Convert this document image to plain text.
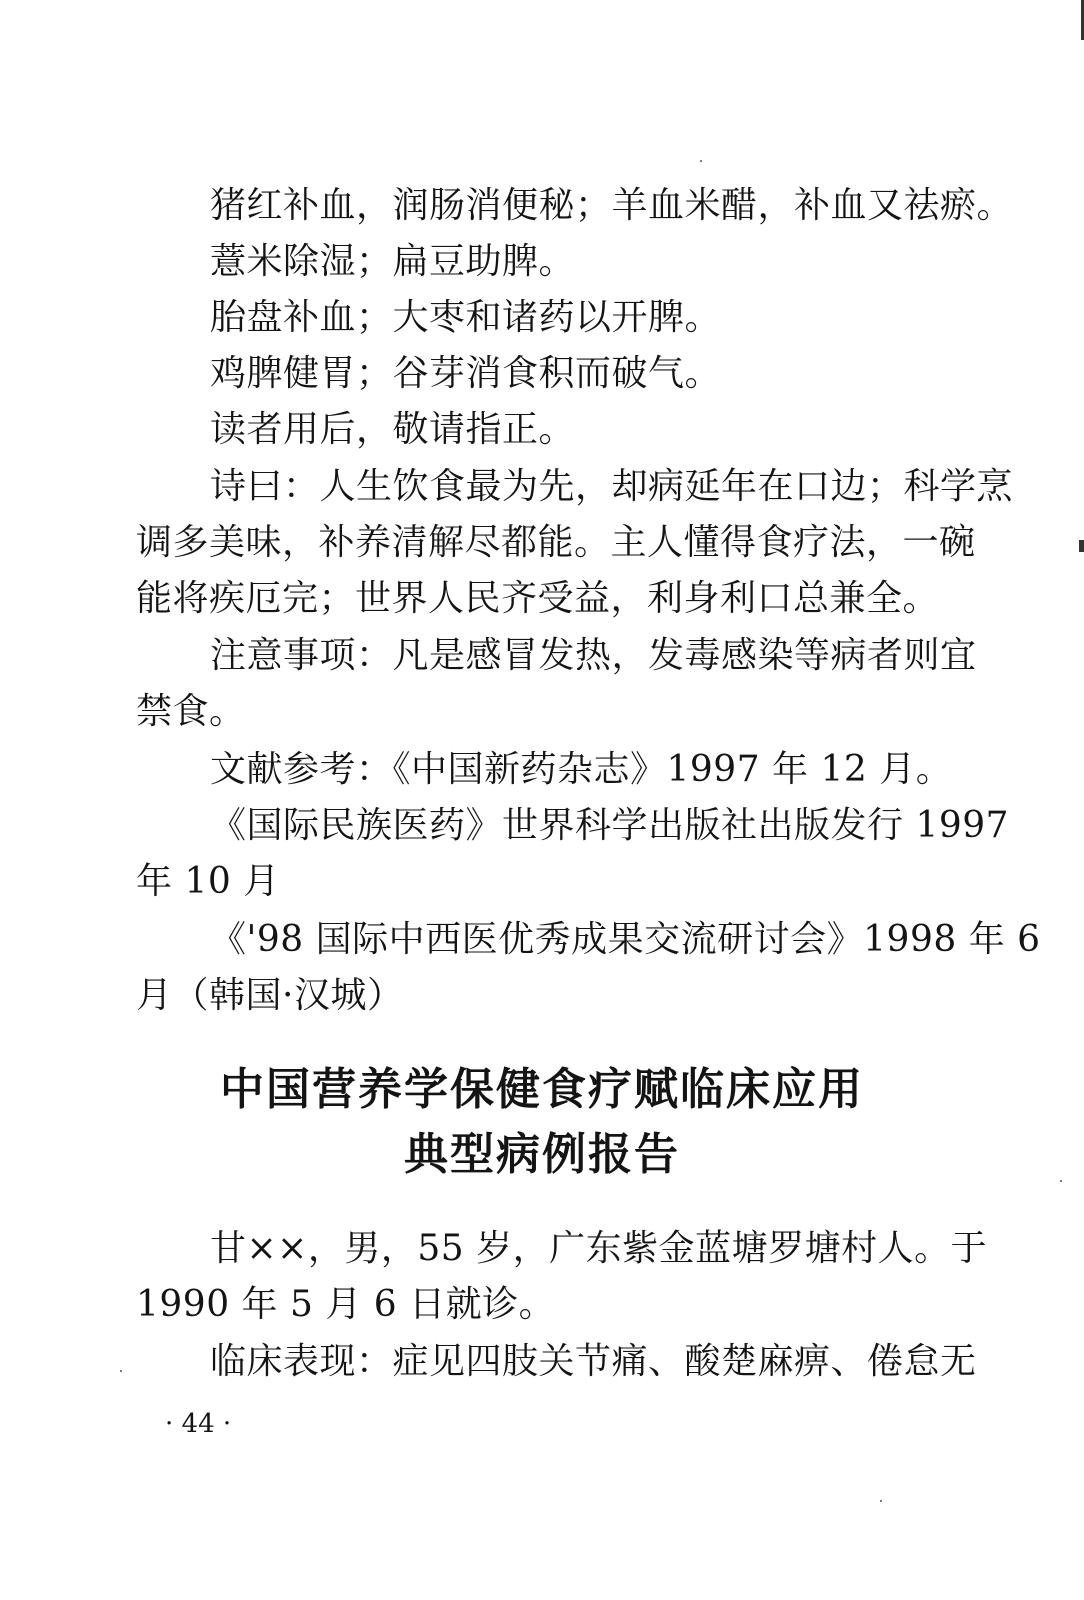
猪红补血，润肠消便秘；羊血米醋，补血又祛瘀。
薏米除湿；扁豆助脾。
胎盘补血；大枣和诸药以开脾。
鸡脾健胃；谷芽消食积而破气。
读者用后，敬请指正。
诗曰：人生饮食最为先，却病延年在口边；科学烹
调多美味，补养清解尽都能。主人懂得食疗法，一碗
能将疾厄完；世界人民齐受益，利身利口总兼全。
注意事项：凡是感冒发热，发毒感染等病者则宜
禁食。
文献参考：《中国新药杂志》1997 年 12 月。
《国际民族医药》世界科学出版社出版发行 1997
年 10 月
《'98 国际中西医优秀成果交流研讨会》1998 年 6
月（韩国·汉城）
中国营养学保健食疗赋临床应用
典型病例报告
甘××，男，55 岁，广东紫金蓝塘罗塘村人。于
1990 年 5 月 6 日就诊。
临床表现：症见四肢关节痛、酸楚麻痹、倦怠无
· 44 ·
